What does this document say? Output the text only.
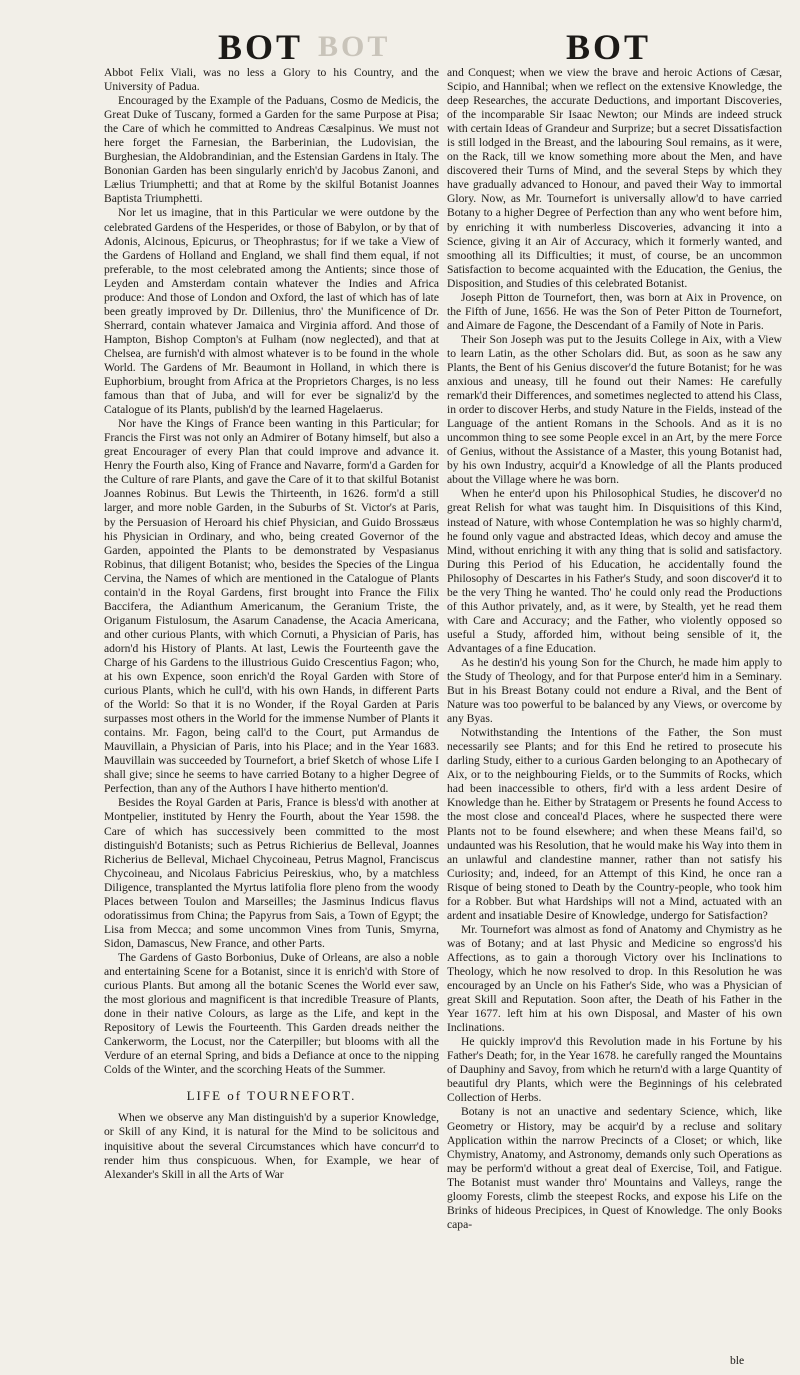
BOT BOT	BOT

Abbot Felix Viali, was no less a Glory to his Country, and the University of Padua.

Encouraged by the Example of the Paduans, Cosmo de Medicis, the Great Duke of Tuscany, formed a Garden for the same Purpose at Pisa; the Care of which he committed to Andreas Cæsalpinus. We must not here forget the Farnesian, the Barberinian, the Ludovisian, the Burghesian, the Aldobrandinian, and the Estensian Gardens in Italy. The Bononian Garden has been singularly enrich'd by Jacobus Zanoni, and Lælius Triumphetti; and that at Rome by the skilful Botanist Joannes Baptista Triumphetti.

Nor let us imagine, that in this Particular we were outdone by the celebrated Gardens of the Hesperides, or those of Babylon, or by that of Adonis, Alcinous, Epicurus, or Theophrastus; for if we take a View of the Gardens of Holland and England, we shall find them equal, if not preferable, to the most celebrated among the Antients; since those of Leyden and Amsterdam contain whatever the Indies and Africa produce: And those of London and Oxford, the last of which has of late been greatly improved by Dr. Dillenius, thro' the Munificence of Dr. Sherrard, contain whatever Jamaica and Virginia afford. And those of Hampton, Bishop Compton's at Fulham (now neglected), and that at Chelsea, are furnish'd with almost whatever is to be found in the whole World. The Gardens of Mr. Beaumont in Holland, in which there is Euphorbium, brought from Africa at the Proprietors Charges, is no less famous than that of Juba, and will for ever be signaliz'd by the Catalogue of its Plants, publish'd by the learned Hagelaerus.

Nor have the Kings of France been wanting in this Particular; for Francis the First was not only an Admirer of Botany himself, but also a great Encourager of every Plan that could improve and advance it. Henry the Fourth also, King of France and Navarre, form'd a Garden for the Culture of rare Plants, and gave the Care of it to that skilful Botanist Joannes Robinus. But Lewis the Thirteenth, in 1626. form'd a still larger, and more noble Garden, in the Suburbs of St. Victor's at Paris, by the Persuasion of Heroard his chief Physician, and Guido Brossæus his Physician in Ordinary, and who, being created Governor of the Garden, appointed the Plants to be demonstrated by Vespasianus Robinus, that diligent Botanist; who, besides the Species of the Lingua Cervina, the Names of which are mentioned in the Catalogue of Plants contain'd in the Royal Gardens, first brought into France the Filix Baccifera, the Adianthum Americanum, the Geranium Triste, the Origanum Fistulosum, the Asarum Canadense, the Acacia Americana, and other curious Plants, with which Cornuti, a Physician of Paris, has adorn'd his History of Plants. At last, Lewis the Fourteenth gave the Charge of his Gardens to the illustrious Guido Crescentius Fagon; who, at his own Expence, soon enrich'd the Royal Garden with Store of curious Plants, which he cull'd, with his own Hands, in different Parts of the World: So that it is no Wonder, if the Royal Garden at Paris surpasses most others in the World for the immense Number of Plants it contains. Mr. Fagon, being call'd to the Court, put Armandus de Mauvillain, a Physician of Paris, into his Place; and in the Year 1683. Mauvillain was succeeded by Tournefort, a brief Sketch of whose Life I shall give; since he seems to have carried Botany to a higher Degree of Perfection, than any of the Authors I have hitherto mention'd.

Besides the Royal Garden at Paris, France is bless'd with another at Montpelier, instituted by Henry the Fourth, about the Year 1598. the Care of which has successively been committed to the most distinguish'd Botanists; such as Petrus Richierius de Belleval, Joannes Richerius de Belleval, Michael Chycoineau, Petrus Magnol, Franciscus Chycoineau, and Nicolaus Fabricius Peireskius, who, by a matchless Diligence, transplanted the Myrtus latifolia flore pleno from the woody Places between Toulon and Marseilles; the Jasminus Indicus flavus odoratissimus from China; the Papyrus from Sais, a Town of Egypt; the Lisa from Mecca; and some uncommon Vines from Tunis, Smyrna, Sidon, Damascus, New France, and other Parts.

The Gardens of Gasto Borbonius, Duke of Orleans, are also a noble and entertaining Scene for a Botanist, since it is enrich'd with Store of curious Plants. But among all the botanic Scenes the World ever saw, the most glorious and magnificent is that incredible Treasure of Plants, done in their native Colours, as large as the Life, and kept in the Repository of Lewis the Fourteenth. This Garden dreads neither the Cankerworm, the Locust, nor the Caterpiller; but blooms with all the Verdure of an eternal Spring, and bids a Defiance at once to the nipping Colds of the Winter, and the scorching Heats of the Summer.

LIFE of TOURNEFORT.

When we observe any Man distinguish'd by a superior Knowledge, or Skill of any Kind, it is natural for the Mind to be solicitous and inquisitive about the several Circumstances which have concurr'd to render him thus conspicuous. When, for Example, we hear of Alexander's Skill in all the Arts of War

and Conquest; when we view the brave and heroic Actions of Cæsar, Scipio, and Hannibal; when we reflect on the extensive Knowledge, the deep Researches, the accurate Deductions, and important Discoveries, of the incomparable Sir Isaac Newton; our Minds are indeed struck with certain Ideas of Grandeur and Surprize; but a secret Dissatisfaction is still lodged in the Breast, and the labouring Soul remains, as it were, on the Rack, till we know something more about the Men, and have discovered their Turns of Mind, and the several Steps by which they have gradually advanced to Honour, and paved their Way to immortal Glory. Now, as Mr. Tournefort is universally allow'd to have carried Botany to a higher Degree of Perfection than any who went before him, by enriching it with numberless Discoveries, advancing it into a Science, giving it an Air of Accuracy, which it formerly wanted, and smoothing all its Difficulties; it must, of course, be an uncommon Satisfaction to become acquainted with the Education, the Genius, the Disposition, and Studies of this celebrated Botanist.

Joseph Pitton de Tournefort, then, was born at Aix in Provence, on the Fifth of June, 1656. He was the Son of Peter Pitton de Tournefort, and Aimare de Fagone, the Descendant of a Family of Note in Paris.

Their Son Joseph was put to the Jesuits College in Aix, with a View to learn Latin, as the other Scholars did. But, as soon as he saw any Plants, the Bent of his Genius discover'd the future Botanist; for he was anxious and uneasy, till he found out their Names: He carefully remark'd their Differences, and sometimes neglected to attend his Class, in order to discover Herbs, and study Nature in the Fields, instead of the Language of the antient Romans in the Schools. And as it is no uncommon thing to see some People excel in an Art, by the mere Force of Genius, without the Assistance of a Master, this young Botanist had, by his own Industry, acquir'd a Knowledge of all the Plants produced about the Village where he was born.

When he enter'd upon his Philosophical Studies, he discover'd no great Relish for what was taught him. In Disquisitions of this Kind, instead of Nature, with whose Contemplation he was so highly charm'd, he found only vague and abstracted Ideas, which decoy and amuse the Mind, without enriching it with any thing that is solid and satisfactory. During this Period of his Education, he accidentally found the Philosophy of Descartes in his Father's Study, and soon discover'd it to be the very Thing he wanted. Tho' he could only read the Productions of this Author privately, and, as it were, by Stealth, yet he read them with Care and Accuracy; and the Father, who violently opposed so useful a Study, afforded him, without being sensible of it, the Advantages of a fine Education.

As he destin'd his young Son for the Church, he made him apply to the Study of Theology, and for that Purpose enter'd him in a Seminary. But in his Breast Botany could not endure a Rival, and the Bent of Nature was too powerful to be balanced by any Views, or overcome by any Byas.

Notwithstanding the Intentions of the Father, the Son must necessarily see Plants; and for this End he retired to prosecute his darling Study, either to a curious Garden belonging to an Apothecary of Aix, or to the neighbouring Fields, or to the Summits of Rocks, which had been inaccessible to others, fir'd with a less ardent Desire of Knowledge than he. Either by Stratagem or Presents he found Access to the most close and conceal'd Places, where he suspected there were Plants not to be found elsewhere; and when these Means fail'd, so undaunted was his Resolution, that he would make his Way into them in an unlawful and clandestine manner, rather than not satisfy his Curiosity; and, indeed, for an Attempt of this Kind, he once ran a Risque of being stoned to Death by the Country-people, who took him for a Robber. But what Hardships will not a Mind, actuated with an ardent and insatiable Desire of Knowledge, undergo for Satisfaction?

Mr. Tournefort was almost as fond of Anatomy and Chymistry as he was of Botany; and at last Physic and Medicine so engross'd his Affections, as to gain a thorough Victory over his Inclinations to Theology, which he now resolved to drop. In this Resolution he was encouraged by an Uncle on his Father's Side, who was a Physician of great Skill and Reputation. Soon after, the Death of his Father in the Year 1677. left him at his own Disposal, and Master of his own Inclinations.

He quickly improv'd this Revolution made in his Fortune by his Father's Death; for, in the Year 1678. he carefully ranged the Mountains of Dauphiny and Savoy, from which he return'd with a large Quantity of beautiful dry Plants, which were the Beginnings of his celebrated Collection of Herbs.

Botany is not an unactive and sedentary Science, which, like Geometry or History, may be acquir'd by a recluse and solitary Application within the narrow Precincts of a Closet; or which, like Chymistry, Anatomy, and Astronomy, demands only such Operations as may be perform'd without a great deal of Exercise, Toil, and Fatigue. The Botanist must wander thro' Mountains and Valleys, range the gloomy Forests, climb the steepest Rocks, and expose his Life on the Brinks of hideous Precipices, in Quest of Knowledge. The only Books capa-

ble
